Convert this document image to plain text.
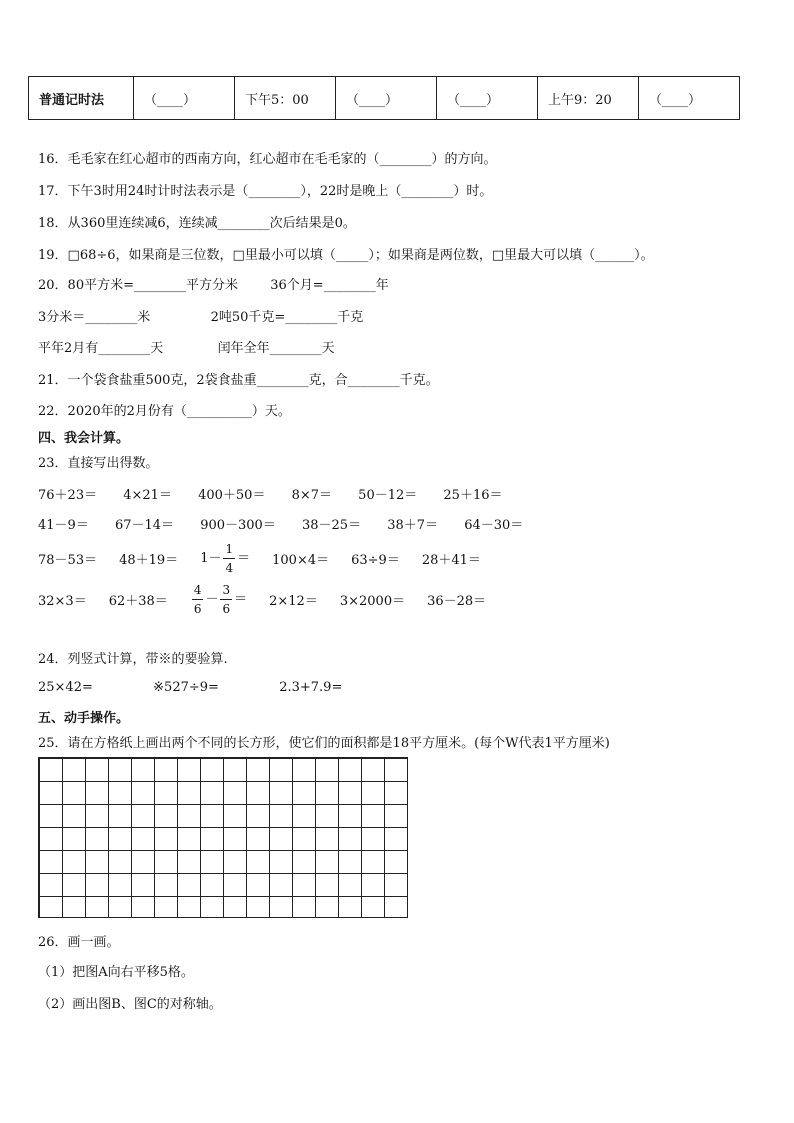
普通记时法	（____）	下午5：00	（____）	（____）	上午9：20	（____）
16．毛毛家在红心超市的西南方向，红心超市在毛毛家的（________）的方向。
17．下午3时用24时计时法表示是（________），22时是晚上（________）时。
18．从360里连续减6，连续减________次后结果是0。
19．□68÷6，如果商是三位数，□里最小可以填（_____）；如果商是两位数，□里最大可以填（______）。
20．80平方米=________平方分米 36个月=________年
3分米＝________米	2吨50千克=________千克
平年2月有________天	闰年全年________天
21．一个袋食盐重500克，2袋食盐重________克，合________千克。
22．2020年的2月份有（__________）天。
四、我会计算。
23．直接写出得数。
76＋23＝ 4×21＝ 400＋50＝ 8×7＝ 50－12＝ 25＋16＝
41－9＝ 67－14＝ 900－300＝ 38－25＝ 38＋7＝ 64－30＝
$78-53= 48+19= 1- \frac{1}{4} = 100\times 4= 63\div 9= 28+41=$
$32\times 3= 62+38= \frac{4}{6} - \frac{3}{6} = 2\times 12= 3\times 2000= 36-28=$
24．列竖式计算，带※的要验算.
25×42=	※527÷9=	2.3+7.9=
五、动手操作。
25．请在方格纸上画出两个不同的长方形，使它们的面积都是18平方厘米。(每个W代表1平方厘米)
26．画一画。
（1）把图A向右平移5格。
（2）画出图B、图C的对称轴。
